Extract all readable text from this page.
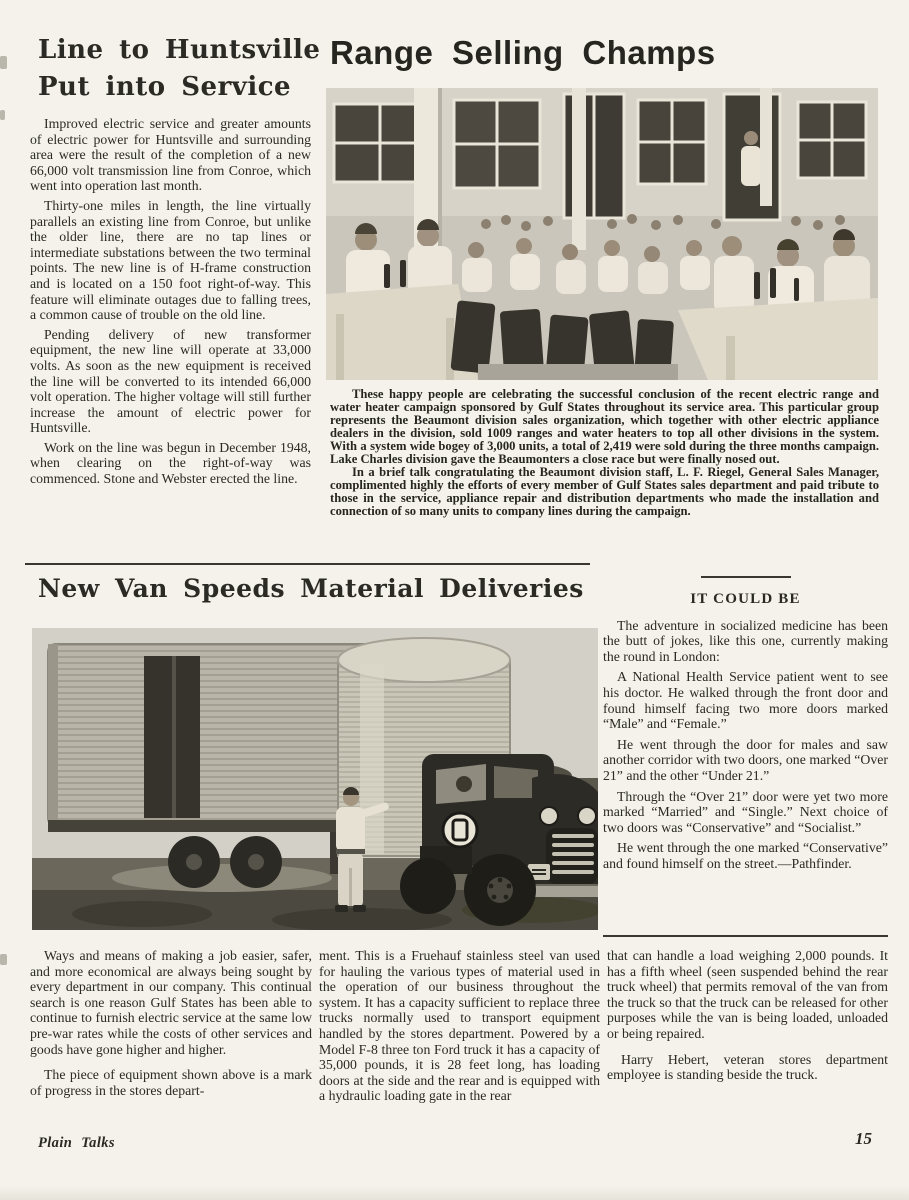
Line to Huntsville
Put into Service

Improved electric service and greater amounts of electric power for Huntsville and surrounding area were the result of the completion of a new 66,000 volt transmission line from Conroe, which went into operation last month.

Thirty-one miles in length, the line virtually parallels an existing line from Conroe, but unlike the older line, there are no tap lines or intermediate substations between the two terminal points. The new line is of H-frame construction and is located on a 150 foot right-of-way. This feature will eliminate outages due to falling trees, a common cause of trouble on the old line.

Pending delivery of new transformer equipment, the new line will operate at 33,000 volts. As soon as the new equipment is received the line will be converted to its intended 66,000 volt operation. The higher voltage will still further increase the amount of electric power for Huntsville.

Work on the line was begun in December 1948, when clearing on the right-of-way was commenced. Stone and Webster erected the line.

Range Selling Champs

These happy people are celebrating the successful conclusion of the recent electric range and water heater campaign sponsored by Gulf States throughout its service area. This particular group represents the Beaumont division sales organization, which together with other electric appliance dealers in the division, sold 1009 ranges and water heaters to top all other divisions in the system. With a system wide bogey of 3,000 units, a total of 2,419 were sold during the three months campaign. Lake Charles division gave the Beaumonters a close race but were finally nosed out.

In a brief talk congratulating the Beaumont division staff, L. F. Riegel, General Sales Manager, complimented highly the efforts of every member of Gulf States sales department and paid tribute to those in the service, appliance repair and distribution departments who made the installation and connection of so many units to company lines during the campaign.

New Van Speeds Material Deliveries	IT COULD BE

The adventure in socialized medicine has been the butt of jokes, like this one, currently making the round in London:

A National Health Service patient went to see his doctor. He walked through the front door and found himself facing two more doors marked “Male” and “Female.”

He went through the door for males and saw another corridor with two doors, one marked “Over 21” and the other “Under 21.”

Through the “Over 21” door were yet two more marked “Married” and “Single.” Next choice of two doors was “Conservative” and “Socialist.”

He went through the one marked “Conservative” and found himself on the street.—Pathfinder.

Ways and means of making a job easier, safer, and more economical are always being sought by every department in our company. This continual search is one reason Gulf States has been able to continue to furnish electric service at the same low pre-war rates while the costs of other services and goods have gone higher and higher.

The piece of equipment shown above is a mark of progress in the stores depart-

ment. This is a Fruehauf stainless steel van used for hauling the various types of material used in the operation of our business throughout the system. It has a capacity sufficient to replace three trucks normally used to transport equipment handled by the stores department. Powered by a Model F-8 three ton Ford truck it has a capacity of 35,000 pounds, it is 28 feet long, has loading doors at the side and the rear and is equipped with a hydraulic loading gate in the rear

that can handle a load weighing 2,000 pounds. It has a fifth wheel (seen suspended behind the rear truck wheel) that permits removal of the van from the truck so that the truck can be released for other purposes while the van is being loaded, unloaded or being repaired.

Harry Hebert, veteran stores department employee is standing beside the truck.

Plain Talks	15
